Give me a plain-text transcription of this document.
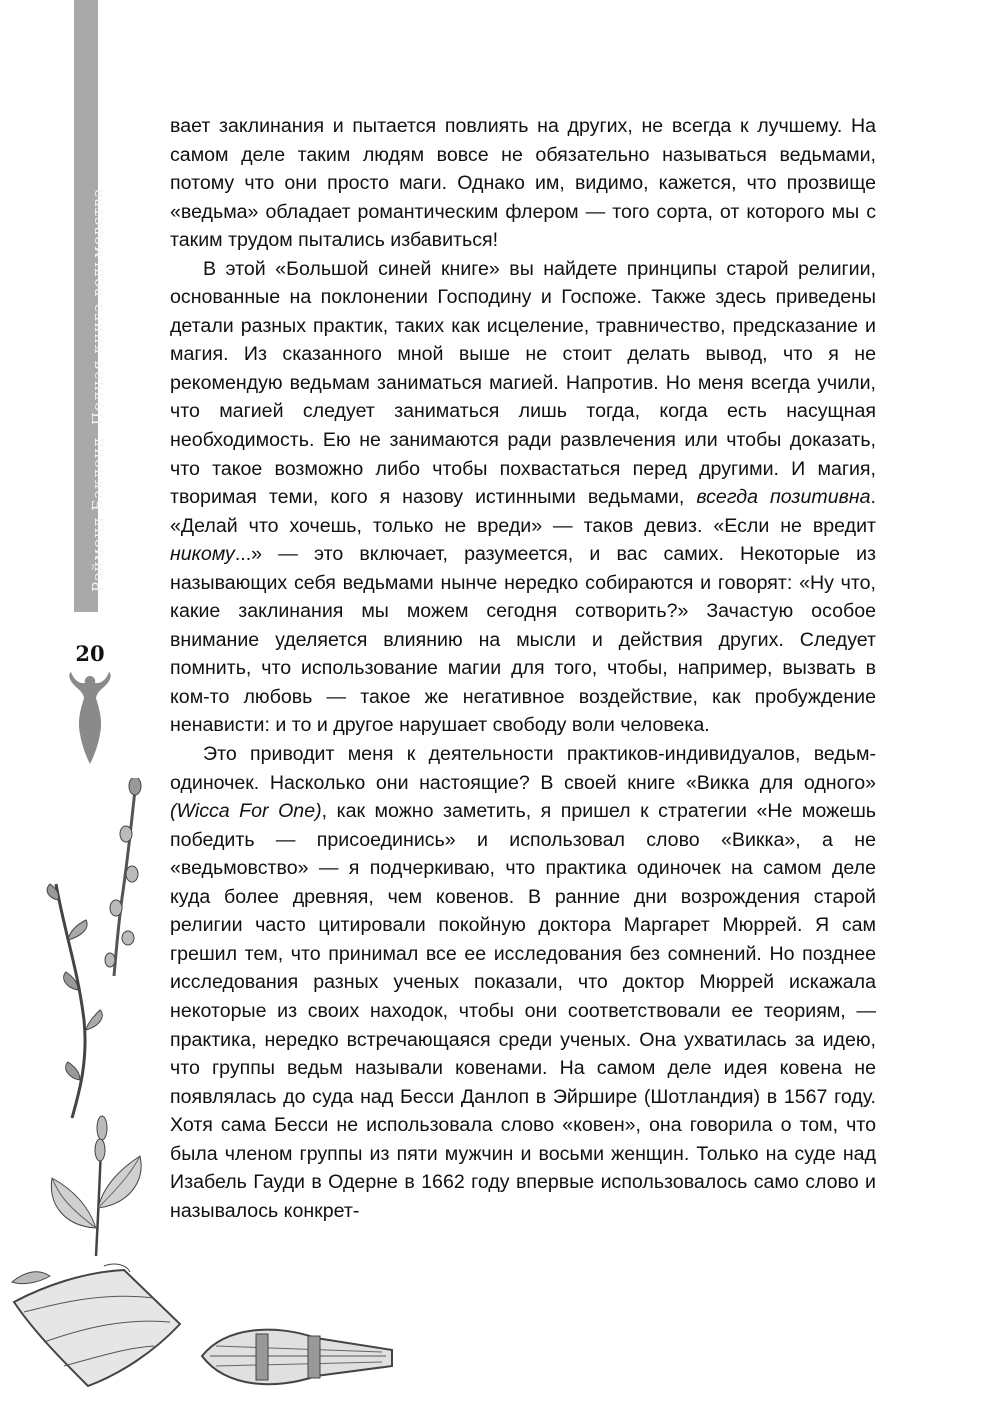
Рэймонд Бакленд. Полная книга ведьмовства
20

вает заклинания и пытается повлиять на других, не всегда к лучшему. На самом деле таким людям вовсе не обязательно называться ведьмами, потому что они просто маги. Однако им, видимо, кажется, что прозвище «ведьма» обладает романтическим флером — того сорта, от которого мы с таким трудом пытались избавиться!

В этой «Большой синей книге» вы найдете принципы старой религии, основанные на поклонении Господину и Госпоже. Также здесь приведены детали разных практик, таких как исцеление, травничество, предсказание и магия. Из сказанного мной выше не стоит делать вывод, что я не рекомендую ведьмам заниматься магией. Напротив. Но меня всегда учили, что магией следует заниматься лишь тогда, когда есть насущная необходимость. Ею не занимаются ради развлечения или чтобы доказать, что такое возможно либо чтобы похвастаться перед другими. И магия, творимая теми, кого я назову истинными ведьмами, всегда позитивна. «Делай что хочешь, только не вреди» — таков девиз. «Если не вредит никому...» — это включает, разумеется, и вас самих. Некоторые из называющих себя ведьмами нынче нередко собираются и говорят: «Ну что, какие заклинания мы можем сегодня сотворить?» Зачастую особое внимание уделяется влиянию на мысли и действия других. Следует помнить, что использование магии для того, чтобы, например, вызвать в ком-то любовь — такое же негативное воздействие, как пробуждение ненависти: и то и другое нарушает свободу воли человека.

Это приводит меня к деятельности практиков-индивидуалов, ведьм-одиночек. Насколько они настоящие? В своей книге «Викка для одного» (Wicca For One), как можно заметить, я пришел к стратегии «Не можешь победить — присоединись» и использовал слово «Викка», а не «ведьмовство» — я подчеркиваю, что практика одиночек на самом деле куда более древняя, чем ковенов. В ранние дни возрождения старой религии часто цитировали покойную доктора Маргарет Мюррей. Я сам грешил тем, что принимал все ее исследования без сомнений. Но позднее исследования разных ученых показали, что доктор Мюррей искажала некоторые из своих находок, чтобы они соответствовали ее теориям, — практика, нередко встречающаяся среди ученых. Она ухватилась за идею, что группы ведьм называли ковенами. На самом деле идея ковена не появлялась до суда над Бесси Данлоп в Эйршире (Шотландия) в 1567 году. Хотя сама Бесси не использовала слово «ковен», она говорила о том, что была членом группы из пяти мужчин и восьми женщин. Только на суде над Изабель Гауди в Одерне в 1662 году впервые использовалось само слово и называлось конкрет-
